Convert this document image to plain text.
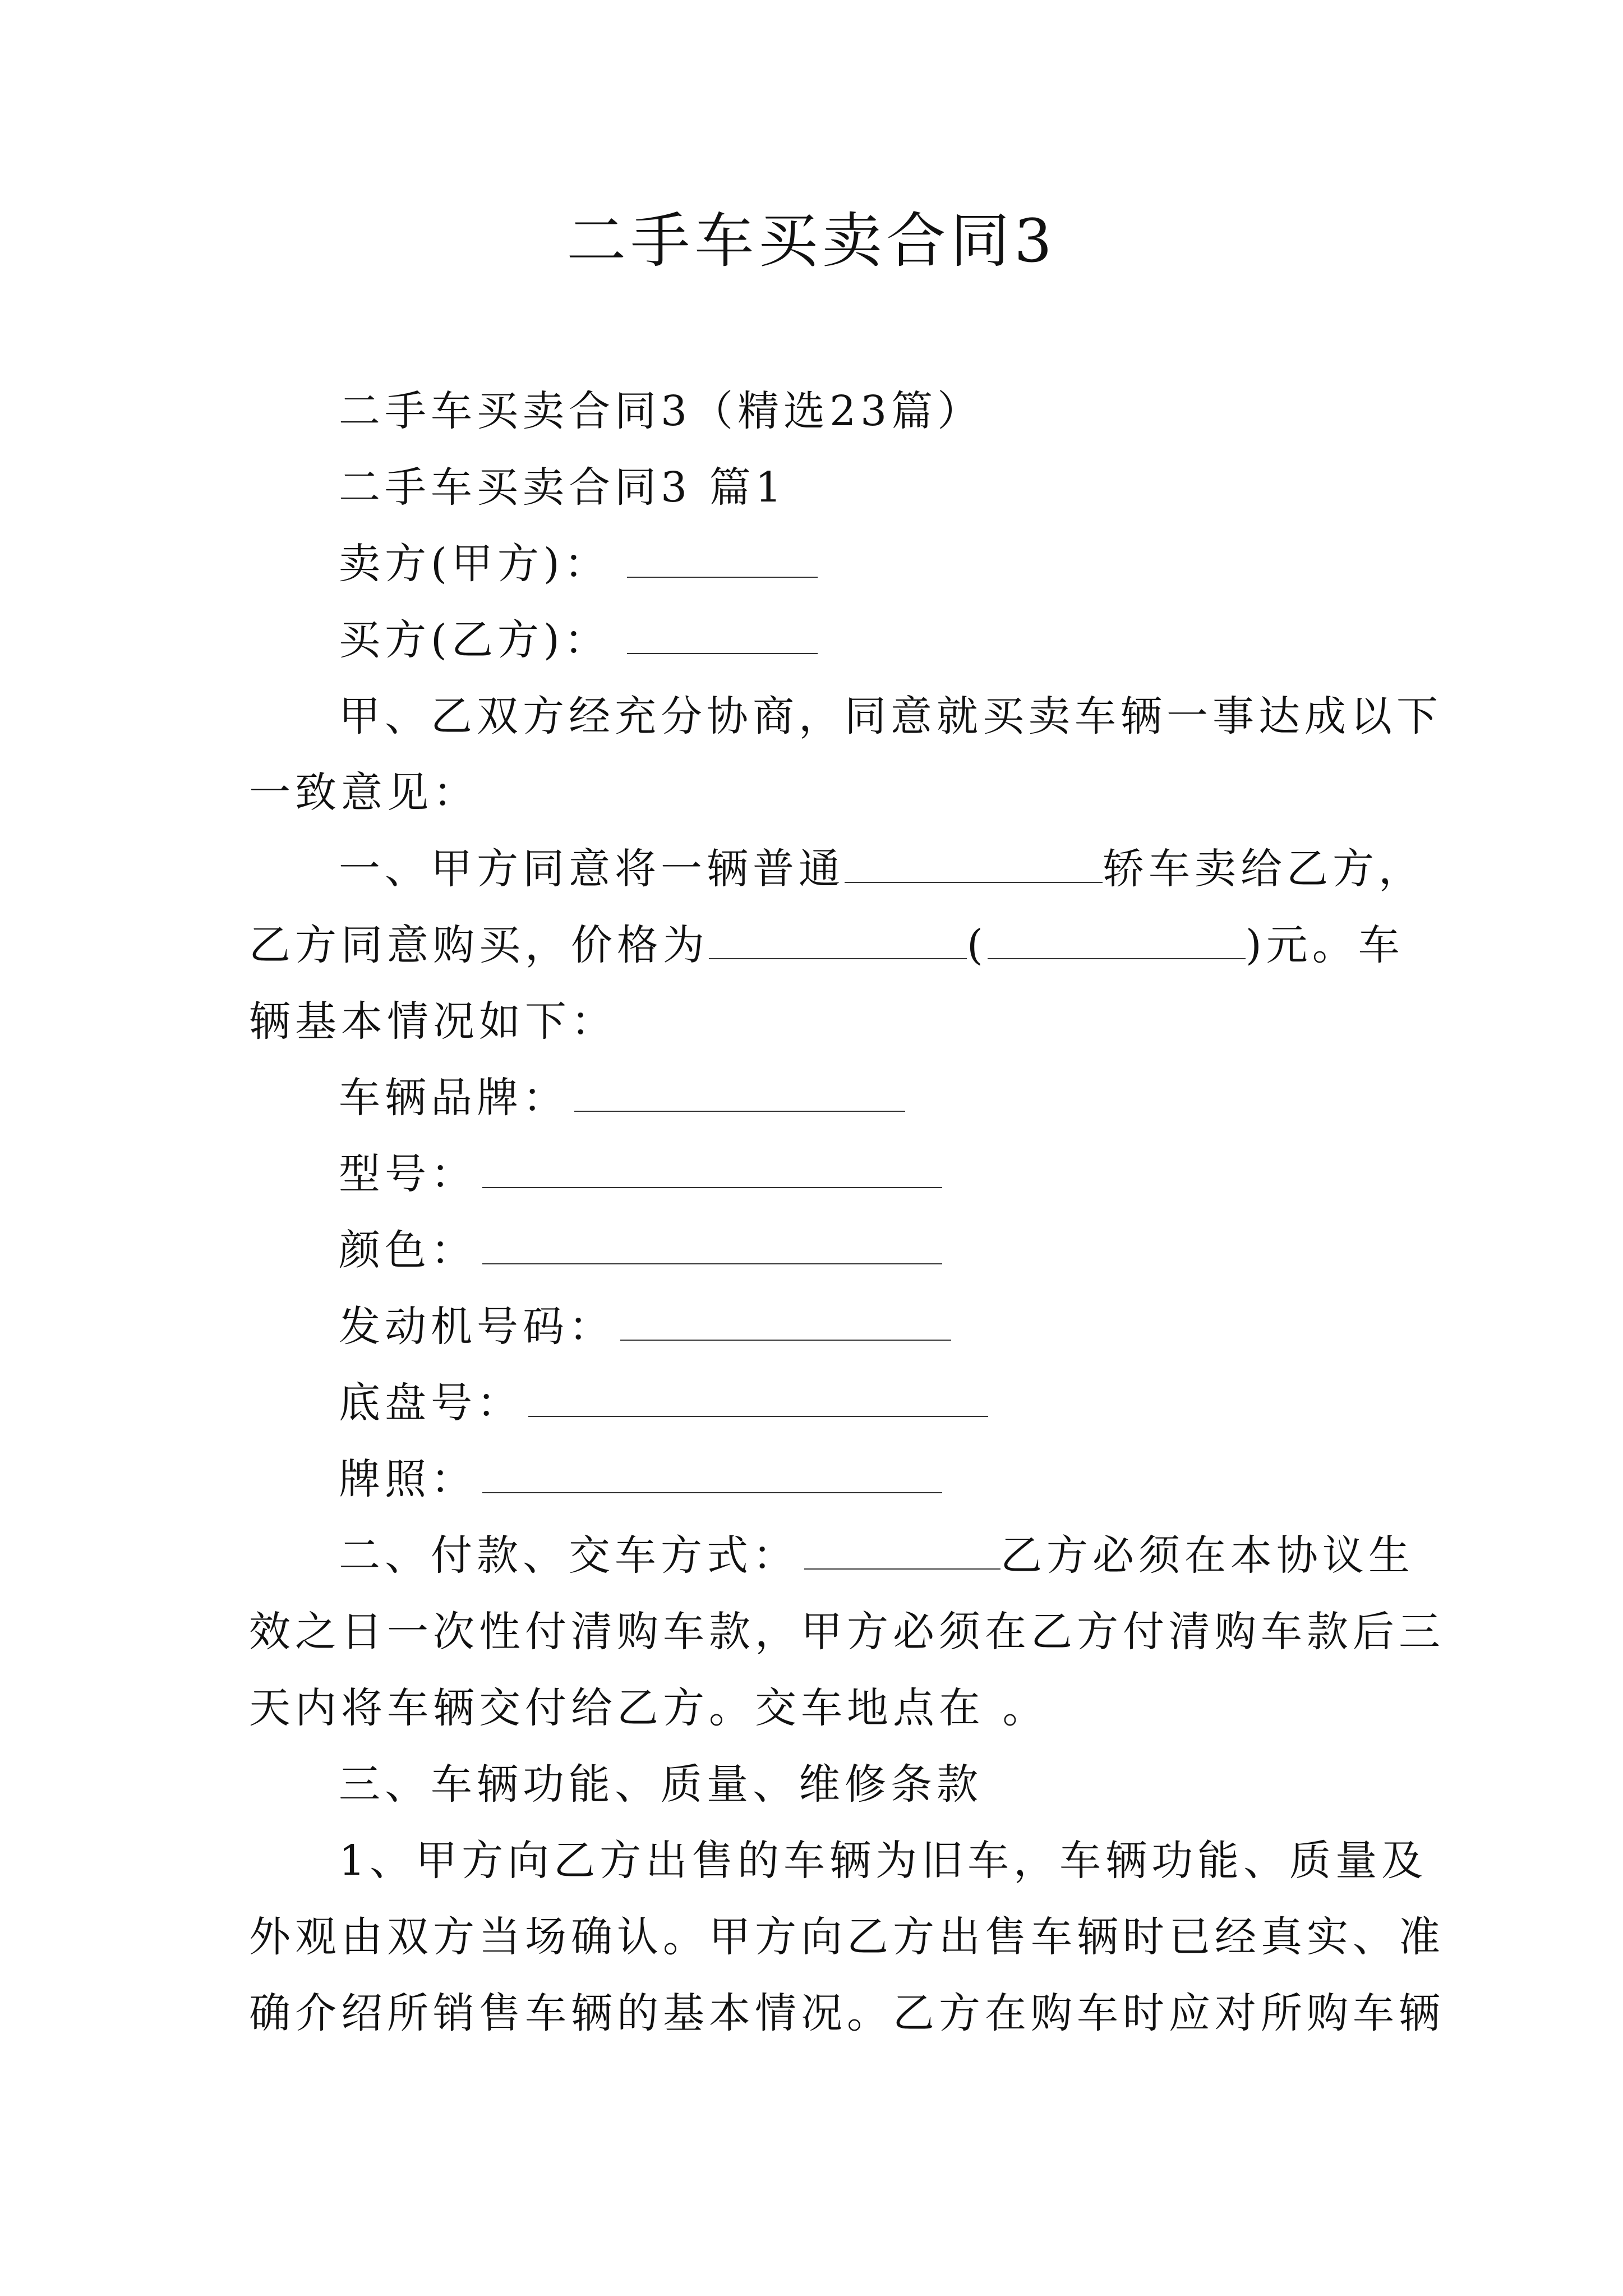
二手车买卖合同3
二手车买卖合同3（精选23篇）
二手车买卖合同3 篇1
卖方(甲方)：
买方(乙方)：
甲、乙双方经充分协商，同意就买卖车辆一事达成以下
一致意见：
一、甲方同意将一辆普通	轿车卖给乙方，
乙方同意购买，价格为	(	)元。车
辆基本情况如下：
车辆品牌：
型号：
颜色：
发动机号码：
底盘号：
牌照：
二、付款、交车方式：	乙方必须在本协议生
效之日一次性付清购车款，甲方必须在乙方付清购车款后三
天内将车辆交付给乙方。交车地点在 。
三、车辆功能、质量、维修条款
1、甲方向乙方出售的车辆为旧车，车辆功能、质量及
外观由双方当场确认。甲方向乙方出售车辆时已经真实、准
确介绍所销售车辆的基本情况。乙方在购车时应对所购车辆
